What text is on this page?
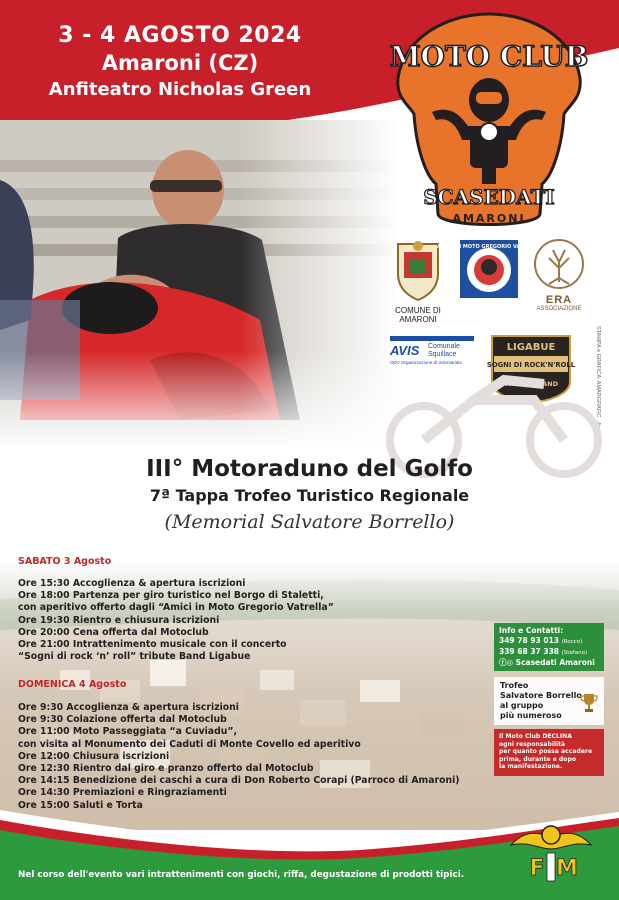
3 - 4 AGOSTO 2024
Amaroni (CZ)
Anfiteatro Nicholas Green
MOTO CLUB
SCASEDATI
AMARONI
COMUNE DI AMARONI
AMICI IN MOTO GREGORIO VATRELLA
ERA
ASSOCIAZIONE
AVIS Comunale Squillace
ODV Organizzazione di Volontariato
LIGABUE
SOGNI DI ROCK'N'ROLL
TRIBUTE BAND	STAMPA e GRAFICA: AMARGRAFIC - Amaroni
III° Motoraduno del Golfo
7ª Tappa Trofeo Turistico Regionale
(Memorial Salvatore Borrello)
SABATO 3 Agosto
Ore 15:30 Accoglienza & apertura iscrizioni
Ore 18:00 Partenza per giro turistico nel Borgo di Staletti,
con aperitivo offerto dagli “Amici in Moto Gregorio Vatrella”
Ore 19:30 Rientro e chiusura iscrizioni
Ore 20:00 Cena offerta dal Motoclub
Ore 21:00 Intrattenimento musicale con il concerto
“Sogni di rock ‘n’ roll” tribute Band Ligabue
DOMENICA 4 Agosto
Ore 9:30 Accoglienza & apertura iscrizioni
Ore 9:30 Colazione offerta dal Motoclub
Ore 11:00 Moto Passeggiata “a Cuviadu”,
con visita al Monumento dei Caduti di Monte Covello ed aperitivo
Ore 12:00 Chiusura iscrizioni
Ore 12:30 Rientro dal giro e pranzo offerto dal Motoclub
Ore 14:15 Benedizione dei caschi a cura di Don Roberto Corapi (Parroco di Amaroni)
Ore 14:30 Premiazioni e Ringraziamenti
Ore 15:00 Saluti e Torta
Info e Contatti:
349 78 93 013 (Rocco)
339 68 37 338 (Stefano)
ⓕ◎ Scasedati Amaroni
Trofeo
Salvatore Borrello
al gruppo
più numeroso
Il Moto Club DECLINA
ogni responsabilità
per quanto possa accadere
prima, durante e dopo
la manifestazione.
F M
Nel corso dell'evento vari intrattenimenti con giochi, riffa, degustazione di prodotti tipici.
